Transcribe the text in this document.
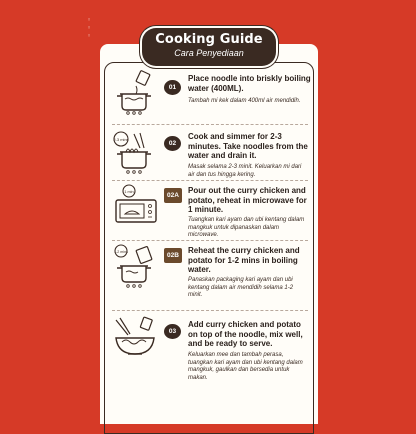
◦
◦
◦	Cooking Guide
Cara Penyediaan
01
Place noodle into briskly boiling water (400ML).
Tambah mi kek dalam 400ml air mendidih.
2-3 mins
02
Cook and simmer for 2-3 minutes. Take noodles from the water and drain it.
Masak selama 2-3 minit. Keluarkan mi dari air dan tus hingga kering.
1 min	02A
Pour out the curry chicken and potato, reheat in microwave for 1 minute.
Tuangkan kari ayam dan ubi kentang dalam mangkuk untuk dipanaskan dalam microwave.
1-2 mins	02B
Reheat the curry chicken and potato for 1-2 mins in boiling water.
Panaskan packaging kari ayam dan ubi kentang dalam air mendidih selama 1-2 minit.
03
Add curry chicken and potato on top of the noodle, mix well, and be ready to serve.
Keluarkan mee dan tambah perasa, tuangkan kari ayam dan ubi kentang dalam mangkuk, gaulkan dan bersedia untuk makan.
